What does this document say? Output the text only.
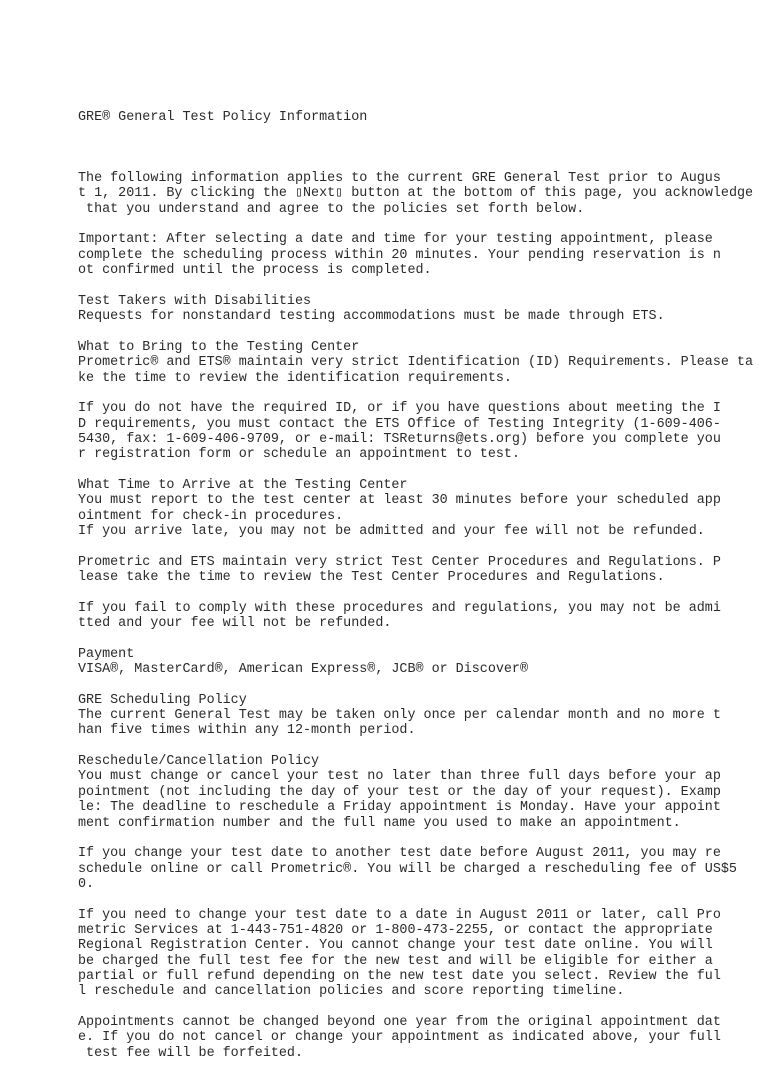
GRE® General Test Policy Information

The following information applies to the current GRE General Test prior to Augus
t 1, 2011. By clicking the ▯Next▯ button at the bottom of this page, you acknowledge
that you understand and agree to the policies set forth below.
Important: After selecting a date and time for your testing appointment, please
complete the scheduling process within 20 minutes. Your pending reservation is n
ot confirmed until the process is completed.
Test Takers with Disabilities
Requests for nonstandard testing accommodations must be made through ETS.
What to Bring to the Testing Center
Prometric® and ETS® maintain very strict Identification (ID) Requirements. Please ta
ke the time to review the identification requirements.
If you do not have the required ID, or if you have questions about meeting the I
D requirements, you must contact the ETS Office of Testing Integrity (1-609-406-
5430, fax: 1-609-406-9709, or e-mail: TSReturns@ets.org) before you complete you
r registration form or schedule an appointment to test.
What Time to Arrive at the Testing Center
You must report to the test center at least 30 minutes before your scheduled app
ointment for check-in procedures.
If you arrive late, you may not be admitted and your fee will not be refunded.
Prometric and ETS maintain very strict Test Center Procedures and Regulations. P
lease take the time to review the Test Center Procedures and Regulations.
If you fail to comply with these procedures and regulations, you may not be admi
tted and your fee will not be refunded.
Payment
VISA®, MasterCard®, American Express®, JCB® or Discover®
GRE Scheduling Policy
The current General Test may be taken only once per calendar month and no more t
han five times within any 12-month period.
Reschedule/Cancellation Policy
You must change or cancel your test no later than three full days before your ap
pointment (not including the day of your test or the day of your request). Examp
le: The deadline to reschedule a Friday appointment is Monday. Have your appoint
ment confirmation number and the full name you used to make an appointment.
If you change your test date to another test date before August 2011, you may re
schedule online or call Prometric®. You will be charged a rescheduling fee of US$5
0.
If you need to change your test date to a date in August 2011 or later, call Pro
metric Services at 1-443-751-4820 or 1-800-473-2255, or contact the appropriate
Regional Registration Center. You cannot change your test date online. You will
be charged the full test fee for the new test and will be eligible for either a
partial or full refund depending on the new test date you select. Review the ful
l reschedule and cancellation policies and score reporting timeline.
Appointments cannot be changed beyond one year from the original appointment dat
e. If you do not cancel or change your appointment as indicated above, your full
test fee will be forfeited.
